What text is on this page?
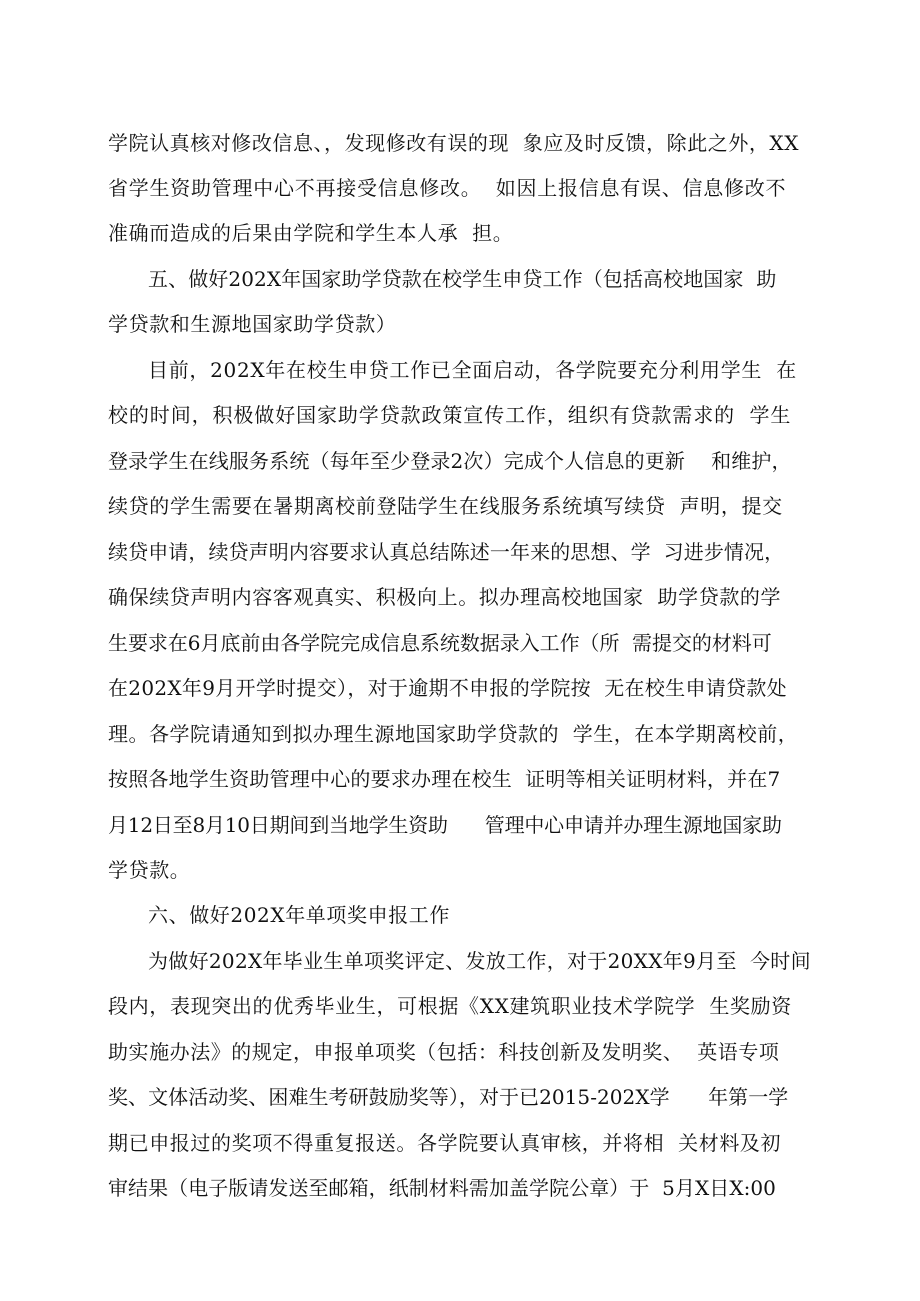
学院认真核对修改信息、，发现修改有误的现  象应及时反馈，除此之外，XX
省学生资助管理中心不再接受信息修改。  如因上报信息有误、信息修改不
准确而造成的后果由学院和学生本人承  担。
五、做好202X年国家助学贷款在校学生申贷工作（包括高校地国家  助
学贷款和生源地国家助学贷款）
目前，202X年在校生申贷工作已全面启动，各学院要充分利用学生  在
校的时间，积极做好国家助学贷款政策宣传工作，组织有贷款需求的  学生
登录学生在线服务系统（每年至少登录2次）完成个人信息的更新    和维护，
续贷的学生需要在暑期离校前登陆学生在线服务系统填写续贷  声明，提交
续贷申请，续贷声明内容要求认真总结陈述一年来的思想、学  习进步情况，
确保续贷声明内容客观真实、积极向上。拟办理高校地国家  助学贷款的学
生要求在6月底前由各学院完成信息系统数据录入工作（所  需提交的材料可
在202X年9月开学时提交），对于逾期不申报的学院按  无在校生申请贷款处
理。各学院请通知到拟办理生源地国家助学贷款的  学生，在本学期离校前，
按照各地学生资助管理中心的要求办理在校生  证明等相关证明材料，并在7
月12日至8月10日期间到当地学生资助      管理中心申请并办理生源地国家助
学贷款。
六、做好202X年单项奖申报工作
为做好202X年毕业生单项奖评定、发放工作，对于20XX年9月至  今时间
段内，表现突出的优秀毕业生，可根据《XX建筑职业技术学院学  生奖励资
助实施办法》的规定，申报单项奖（包括：科技创新及发明奖、  英语专项
奖、文体活动奖、困难生考研鼓励奖等），对于已2015-202X学      年第一学
期已申报过的奖项不得重复报送。各学院要认真审核，并将相  关材料及初
审结果（电子版请发送至邮箱，纸制材料需加盖学院公章）于  5月X日X:00
